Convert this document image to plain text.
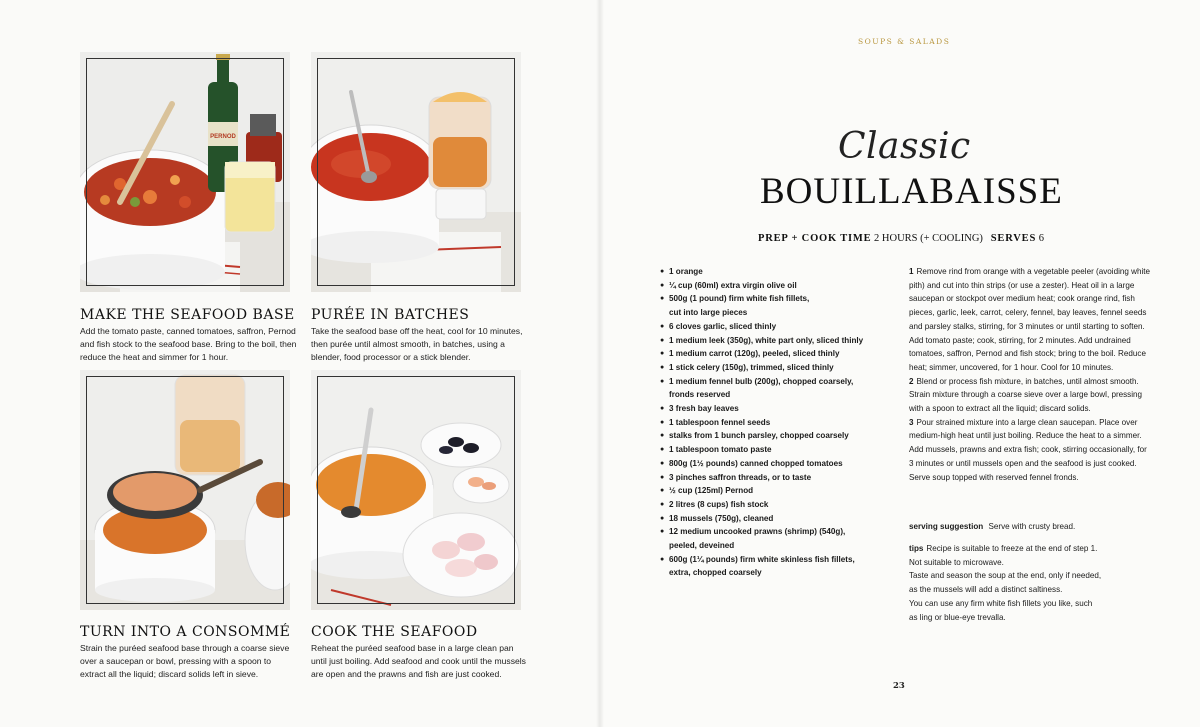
PERNOD
MAKE THE SEAFOOD BASE
Add the tomato paste, canned tomatoes, saffron, Pernod and fish stock to the seafood base. Bring to the boil, then reduce the heat and simmer for 1 hour.
PURÉE IN BATCHES
Take the seafood base off the heat, cool for 10 minutes, then purée until almost smooth, in batches, using a blender, food processor or a stick blender.
TURN INTO A CONSOMMÉ
Strain the puréed seafood base through a coarse sieve over a saucepan or bowl, pressing with a spoon to extract all the liquid; discard solids left in sieve.
COOK THE SEAFOOD
Reheat the puréed seafood base in a large clean pan until just boiling. Add seafood and cook until the mussels are open and the prawns and fish are just cooked.
SOUPS & SALADS
Classic
BOUILLABAISSE
PREP + COOK TIME 2 HOURS (+ COOLING) SERVES 6
● 1 orange
● ¼ cup (60ml) extra virgin olive oil
● 500g (1 pound) firm white fish fillets,
cut into large pieces
● 6 cloves garlic, sliced thinly
● 1 medium leek (350g), white part only, sliced thinly
● 1 medium carrot (120g), peeled, sliced thinly
● 1 stick celery (150g), trimmed, sliced thinly
● 1 medium fennel bulb (200g), chopped coarsely,
fronds reserved
● 3 fresh bay leaves
● 1 tablespoon fennel seeds
● stalks from 1 bunch parsley, chopped coarsely
● 1 tablespoon tomato paste
● 800g (1½ pounds) canned chopped tomatoes
● 3 pinches saffron threads, or to taste
● ½ cup (125ml) Pernod
● 2 litres (8 cups) fish stock
● 18 mussels (750g), cleaned
● 12 medium uncooked prawns (shrimp) (540g),
peeled, deveined
● 600g (1¼ pounds) firm white skinless fish fillets,
extra, chopped coarsely

1 Remove rind from orange with a vegetable peeler (avoiding white pith) and cut into thin strips (or use a zester). Heat oil in a large saucepan or stockpot over medium heat; cook orange rind, fish pieces, garlic, leek, carrot, celery, fennel, bay leaves, fennel seeds and parsley stalks, stirring, for 3 minutes or until starting to soften. Add tomato paste; cook, stirring, for 2 minutes. Add undrained tomatoes, saffron, Pernod and fish stock; bring to the boil. Reduce heat; simmer, uncovered, for 1 hour. Cool for 10 minutes.

2 Blend or process fish mixture, in batches, until almost smooth. Strain mixture through a coarse sieve over a large bowl, pressing with a spoon to extract all the liquid; discard solids.

3 Pour strained mixture into a large clean saucepan. Place over medium-high heat until just boiling. Reduce the heat to a simmer. Add mussels, prawns and extra fish; cook, stirring occasionally, for 3 minutes or until mussels open and the seafood is just cooked. Serve soup topped with reserved fennel fronds.

serving suggestion Serve with crusty bread.

tips Recipe is suitable to freeze at the end of step 1.

Not suitable to microwave.

Taste and season the soup at the end, only if needed,

as the mussels will add a distinct saltiness.

You can use any firm white fish fillets you like, such

as ling or blue-eye trevalla.

23
